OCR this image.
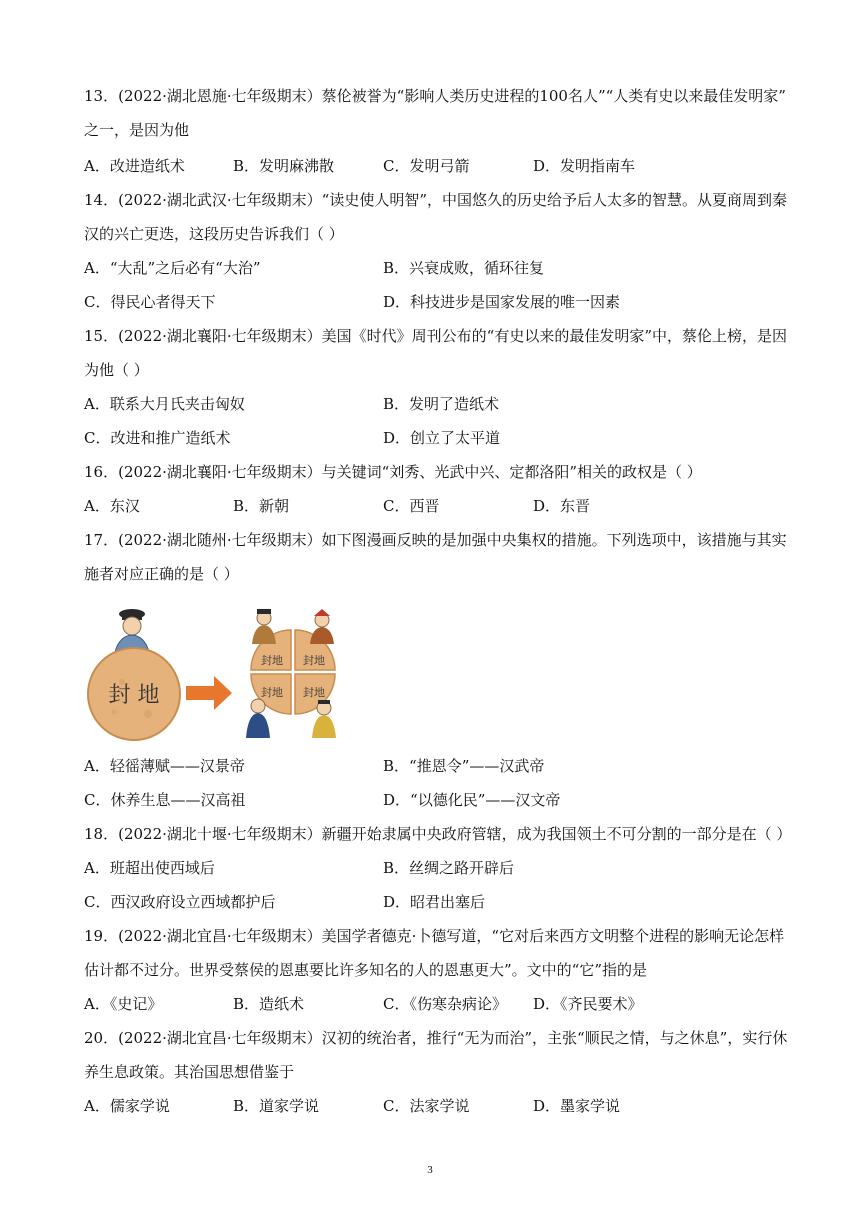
13．(2022·湖北恩施·七年级期末）蔡伦被誉为“影响人类历史进程的100名人”“人类有史以来最佳发明家”
之一，是因为他
A．改进造纸术	B．发明麻沸散	C．发明弓箭	D．发明指南车
14．(2022·湖北武汉·七年级期末）“读史使人明智”，中国悠久的历史给予后人太多的智慧。从夏商周到秦
汉的兴亡更迭，这段历史告诉我们（ ）
A．“大乱”之后必有“大治”	B．兴衰成败，循环往复
C．得民心者得天下	D．科技进步是国家发展的唯一因素
15．(2022·湖北襄阳·七年级期末）美国《时代》周刊公布的“有史以来的最佳发明家”中，蔡伦上榜，是因
为他（ ）
A．联系大月氏夹击匈奴	B．发明了造纸术
C．改进和推广造纸术	D．创立了太平道
16．(2022·湖北襄阳·七年级期末）与关键词“刘秀、光武中兴、定都洛阳”相关的政权是（ ）
A．东汉	B．新朝	C．西晋	D．东晋
17．(2022·湖北随州·七年级期末）如下图漫画反映的是加强中央集权的措施。下列选项中，该措施与其实
施者对应正确的是（ ）
封 地
封地 封地
封地 封地
A．轻徭薄赋——汉景帝	B．“推恩令”——汉武帝
C．休养生息——汉高祖	D．“以德化民”——汉文帝
18．(2022·湖北十堰·七年级期末）新疆开始隶属中央政府管辖，成为我国领土不可分割的一部分是在（ ）
A．班超出使西域后	B．丝绸之路开辟后
C．西汉政府设立西域都护后	D．昭君出塞后
19．(2022·湖北宜昌·七年级期末）美国学者德克·卜德写道，“它对后来西方文明整个进程的影响无论怎样
估计都不过分。世界受蔡侯的恩惠要比许多知名的人的恩惠更大”。文中的“它”指的是
A．《史记》	B．造纸术	C．《伤寒杂病论》 D．《齐民要术》
20．(2022·湖北宜昌·七年级期末）汉初的统治者，推行“无为而治”，主张“顺民之情，与之休息”，实行休
养生息政策。其治国思想借鉴于
A．儒家学说	B．道家学说	C．法家学说	D．墨家学说
3
